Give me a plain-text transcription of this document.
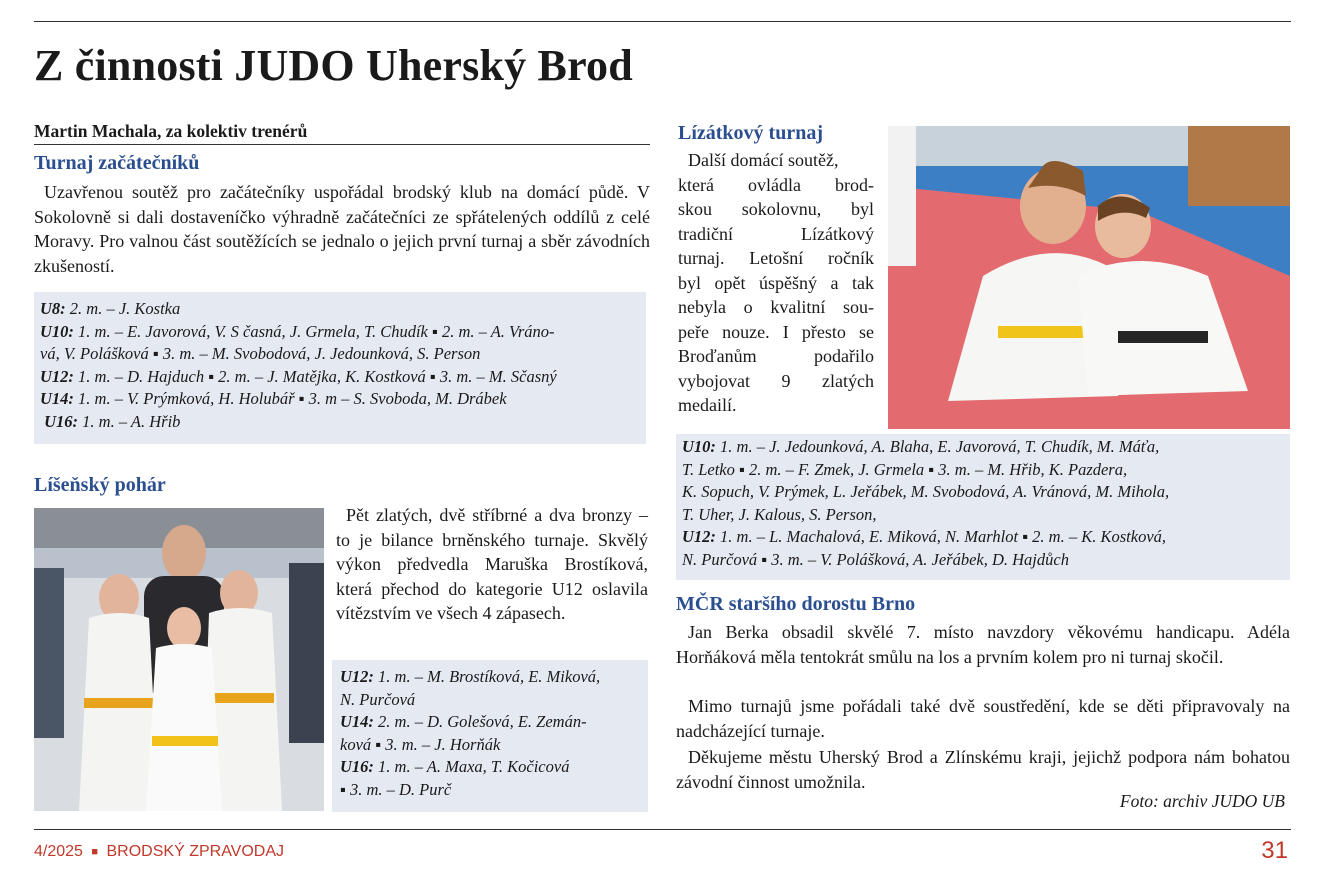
Z činnosti JUDO Uherský Brod
Martin Machala, za kolektiv trenérů
Turnaj začátečníků
Uzavřenou soutěž pro začátečníky uspořádal brodský klub na domácí půdě. V Sokolovně si dali dostaveníčko výhradně začátečníci ze spřátelených oddílů z celé Moravy. Pro valnou část soutěžících se jednalo o jejich první turnaj a sběr závodních zkušeností.
U8: 2. m. – J. Kostka
U10: 1. m. – E. Javorová, V. S časná, J. Grmela, T. Chudík ▪ 2. m. – A. Vráno-
vá, V. Polášková ▪ 3. m. – M. Svobodová, J. Jedounková, S. Person
U12: 1. m. – D. Hajduch ▪ 2. m. – J. Matějka, K. Kostková ▪ 3. m. – M. Sčasný
U14: 1. m. – V. Prýmková, H. Holubář ▪ 3. m – S. Svoboda, M. Drábek
U16: 1. m. – A. Hřib
Líšeňský pohár
Pět zlatých, dvě stříbrné a dva bronzy – to je bilance brněnského turnaje. Skvělý výkon předvedla Maruška Brostíková, která přechod do kategorie U12 oslavila vítězstvím ve všech 4 zápasech.
U12: 1. m. – M. Brostíková, E. Miková,
N. Purčová
U14: 2. m. – D. Golešová, E. Zemán-
ková ▪ 3. m. – J. Horňák
U16: 1. m. – A. Maxa, T. Kočicová
▪ 3. m. – D. Purč
Lízátkový turnaj
Další domácí soutěž,
která ovládla brod-
skou sokolovnu, byl
tradiční Lízátkový
turnaj. Letošní ročník
byl opět úspěšný a tak
nebyla o kvalitní sou-
peře nouze. I přesto se
Broďanům podařilo
vybojovat 9 zlatých
medailí.
U10: 1. m. – J. Jedounková, A. Blaha, E. Javorová, T. Chudík, M. Máťa,
T. Letko ▪ 2. m. – F. Zmek, J. Grmela ▪ 3. m. – M. Hřib, K. Pazdera,
K. Sopuch, V. Prýmek, L. Jeřábek, M. Svobodová, A. Vránová, M. Mihola,
T. Uher, J. Kalous, S. Person,
U12: 1. m. – L. Machalová, E. Miková, N. Marhlot ▪ 2. m. – K. Kostková,
N. Purčová ▪ 3. m. – V. Polášková, A. Jeřábek, D. Hajdůch
MČR staršího dorostu Brno
Jan Berka obsadil skvělé 7. místo navzdory věkovému handicapu. Adéla Horňáková měla tentokrát smůlu na los a prvním kolem pro ni turnaj skočil.
Mimo turnajů jsme pořádali také dvě soustředění, kde se děti připravovaly na nadcházející turnaje.
Děkujeme městu Uherský Brod a Zlínskému kraji, jejichž podpora nám bohatou závodní činnost umožnila.
Foto: archiv JUDO UB
4/2025 ■ BRODSKÝ ZPRAVODAJ	31
